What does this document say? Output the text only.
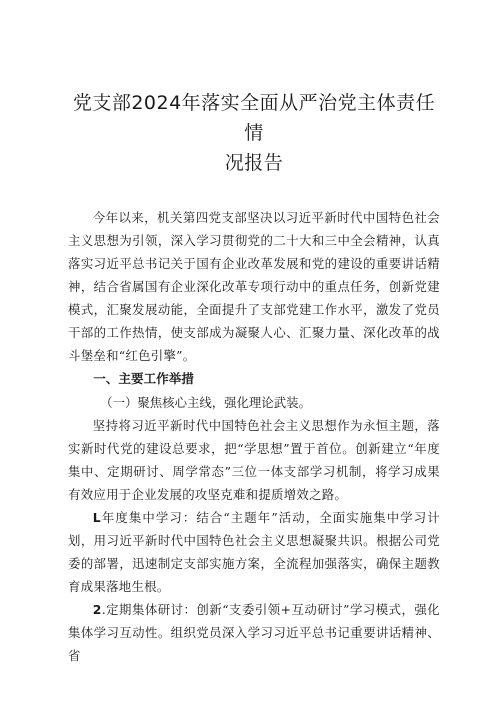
党支部2024年落实全面从严治党主体责任情
况报告

今年以来，机关第四党支部坚决以习近平新时代中国特色社会主义思想为引领，深入学习贯彻党的二十大和三中全会精神，认真落实习近平总书记关于国有企业改革发展和党的建设的重要讲话精神，结合省属国有企业深化改革专项行动中的重点任务，创新党建模式，汇聚发展动能，全面提升了支部党建工作水平，激发了党员干部的工作热情，使支部成为凝聚人心、汇聚力量、深化改革的战斗堡垒和“红色引擎”。

一、主要工作举措

（一）聚焦核心主线，强化理论武装。

坚持将习近平新时代中国特色社会主义思想作为永恒主题，落实新时代党的建设总要求，把“学思想”置于首位。创新建立“年度集中、定期研讨、周学常态”三位一体支部学习机制，将学习成果有效应用于企业发展的攻坚克难和提质增效之路。

L年度集中学习：结合“主题年”活动，全面实施集中学习计划，用习近平新时代中国特色社会主义思想凝聚共识。根据公司党委的部署，迅速制定支部实施方案，全流程加强落实，确保主题教育成果落地生根。

2.定期集体研讨：创新“支委引领+互动研讨”学习模式，强化集体学习互动性。组织党员深入学习习近平总书记重要讲话精神、省
